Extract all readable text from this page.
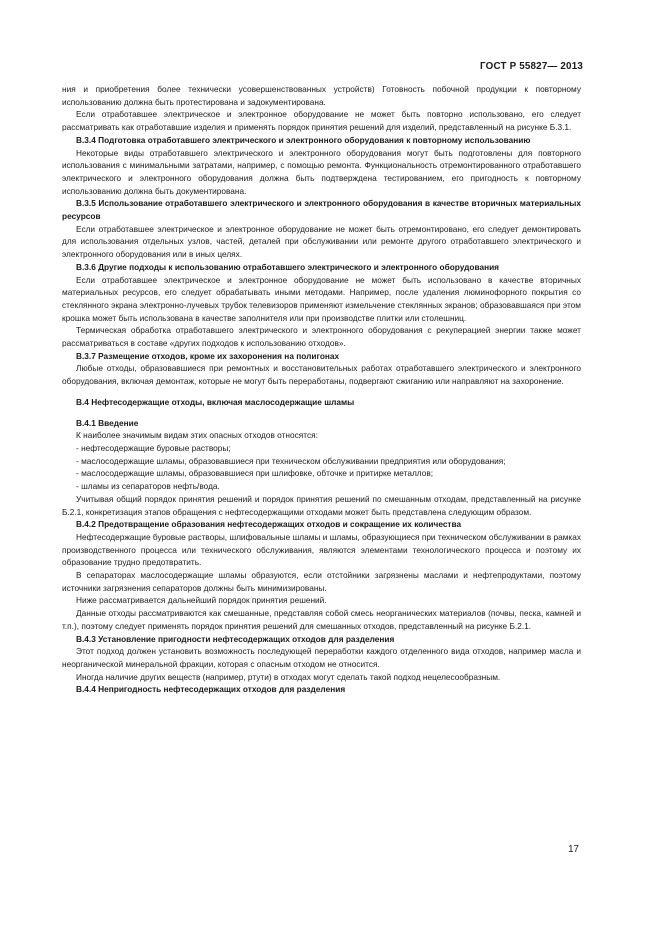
ГОСТ Р 55827— 2013

ния и приобретения более технически усовершенствованных устройств) Готовность побочной продукции к повторному использованию должна быть протестирована и задокументирована.

Если отработавшее электрическое и электронное оборудование не может быть повторно использовано, его следует рассматривать как отработавшие изделия и применять порядок принятия решений для изделий, представленный на рисунке Б.3.1.

В.3.4 Подготовка отработавшего электрического и электронного оборудования к повторному использованию

Некоторые виды отработавшего электрического и электронного оборудования могут быть подготовлены для повторного использования с минимальными затратами, например, с помощью ремонта. Функциональность отремонтированного отработавшего электрического и электронного оборудования должна быть подтверждена тестированием, его пригодность к повторному использованию должна быть документирована.

В.3.5 Использование отработавшего электрического и электронного оборудования в качестве вторичных материальных ресурсов

Если отработавшее электрическое и электронное оборудование не может быть отремонтировано, его следует демонтировать для использования отдельных узлов, частей, деталей при обслуживании или ремонте другого отработавшего электрического и электронного оборудования или в иных целях.

В.3.6 Другие подходы к использованию отработавшего электрического и электронного оборудования

Если отработавшее электрическое и электронное оборудование не может быть использовано в качестве вторичных материальных ресурсов, его следует обрабатывать иными методами. Например, после удаления люминофорного покрытия со стеклянного экрана электронно-лучевых трубок телевизоров применяют измельчение стеклянных экранов; образовавшаяся при этом крошка может быть использована в качестве заполнителя или при производстве плитки или столешниц.

Термическая обработка отработавшего электрического и электронного оборудования с рекуперацией энергии также может рассматриваться в составе «других подходов к использованию отходов».

В.3.7 Размещение отходов, кроме их захоронения на полигонах

Любые отходы, образовавшиеся при ремонтных и восстановительных работах отработавшего электрического и электронного оборудования, включая демонтаж, которые не могут быть переработаны, подвергают сжиганию или направляют на захоронение.

В.4 Нефтесодержащие отходы, включая маслосодержащие шламы

В.4.1 Введение

К наиболее значимым видам этих опасных отходов относятся:

- нефтесодержащие буровые растворы;

- маслосодержащие шламы, образовавшиеся при техническом обслуживании предприятия или оборудования;

- маслосодержащие шламы, образовавшиеся при шлифовке, обточке и притирке металлов;

- шламы из сепараторов нефть/вода.

Учитывая общий порядок принятия решений и порядок принятия решений по смешанным отходам, представленный на рисунке Б.2.1, конкретизация этапов обращения с нефтесодержащими отходами может быть представлена следующим образом.

В.4.2 Предотвращение образования нефтесодержащих отходов и сокращение их количества

Нефтесодержащие буровые растворы, шлифовальные шламы и шламы, образующиеся при техническом обслуживании в рамках производственного процесса или технического обслуживания, являются элементами технологического процесса и поэтому их образование трудно предотвратить.

В сепараторах маслосодержащие шламы образуются, если отстойники загрязнены маслами и нефтепродуктами, поэтому источники загрязнения сепараторов должны быть минимизированы.

Ниже рассматривается дальнейший порядок принятия решений.

Данные отходы рассматриваются как смешанные, представляя собой смесь неорганических материалов (почвы, песка, камней и т.п.), поэтому следует применять порядок принятия решений для смешанных отходов, представленный на рисунке Б.2.1.

В.4.3 Установление пригодности нефтесодержащих отходов для разделения

Этот подход должен установить возможность последующей переработки каждого отделенного вида отходов, например масла и неорганической минеральной фракции, которая с опасным отходом не относится.

Иногда наличие других веществ (например, ртути) в отходах могут сделать такой подход нецелесообразным.

В.4.4 Непригодность нефтесодержащих отходов для разделения

17
